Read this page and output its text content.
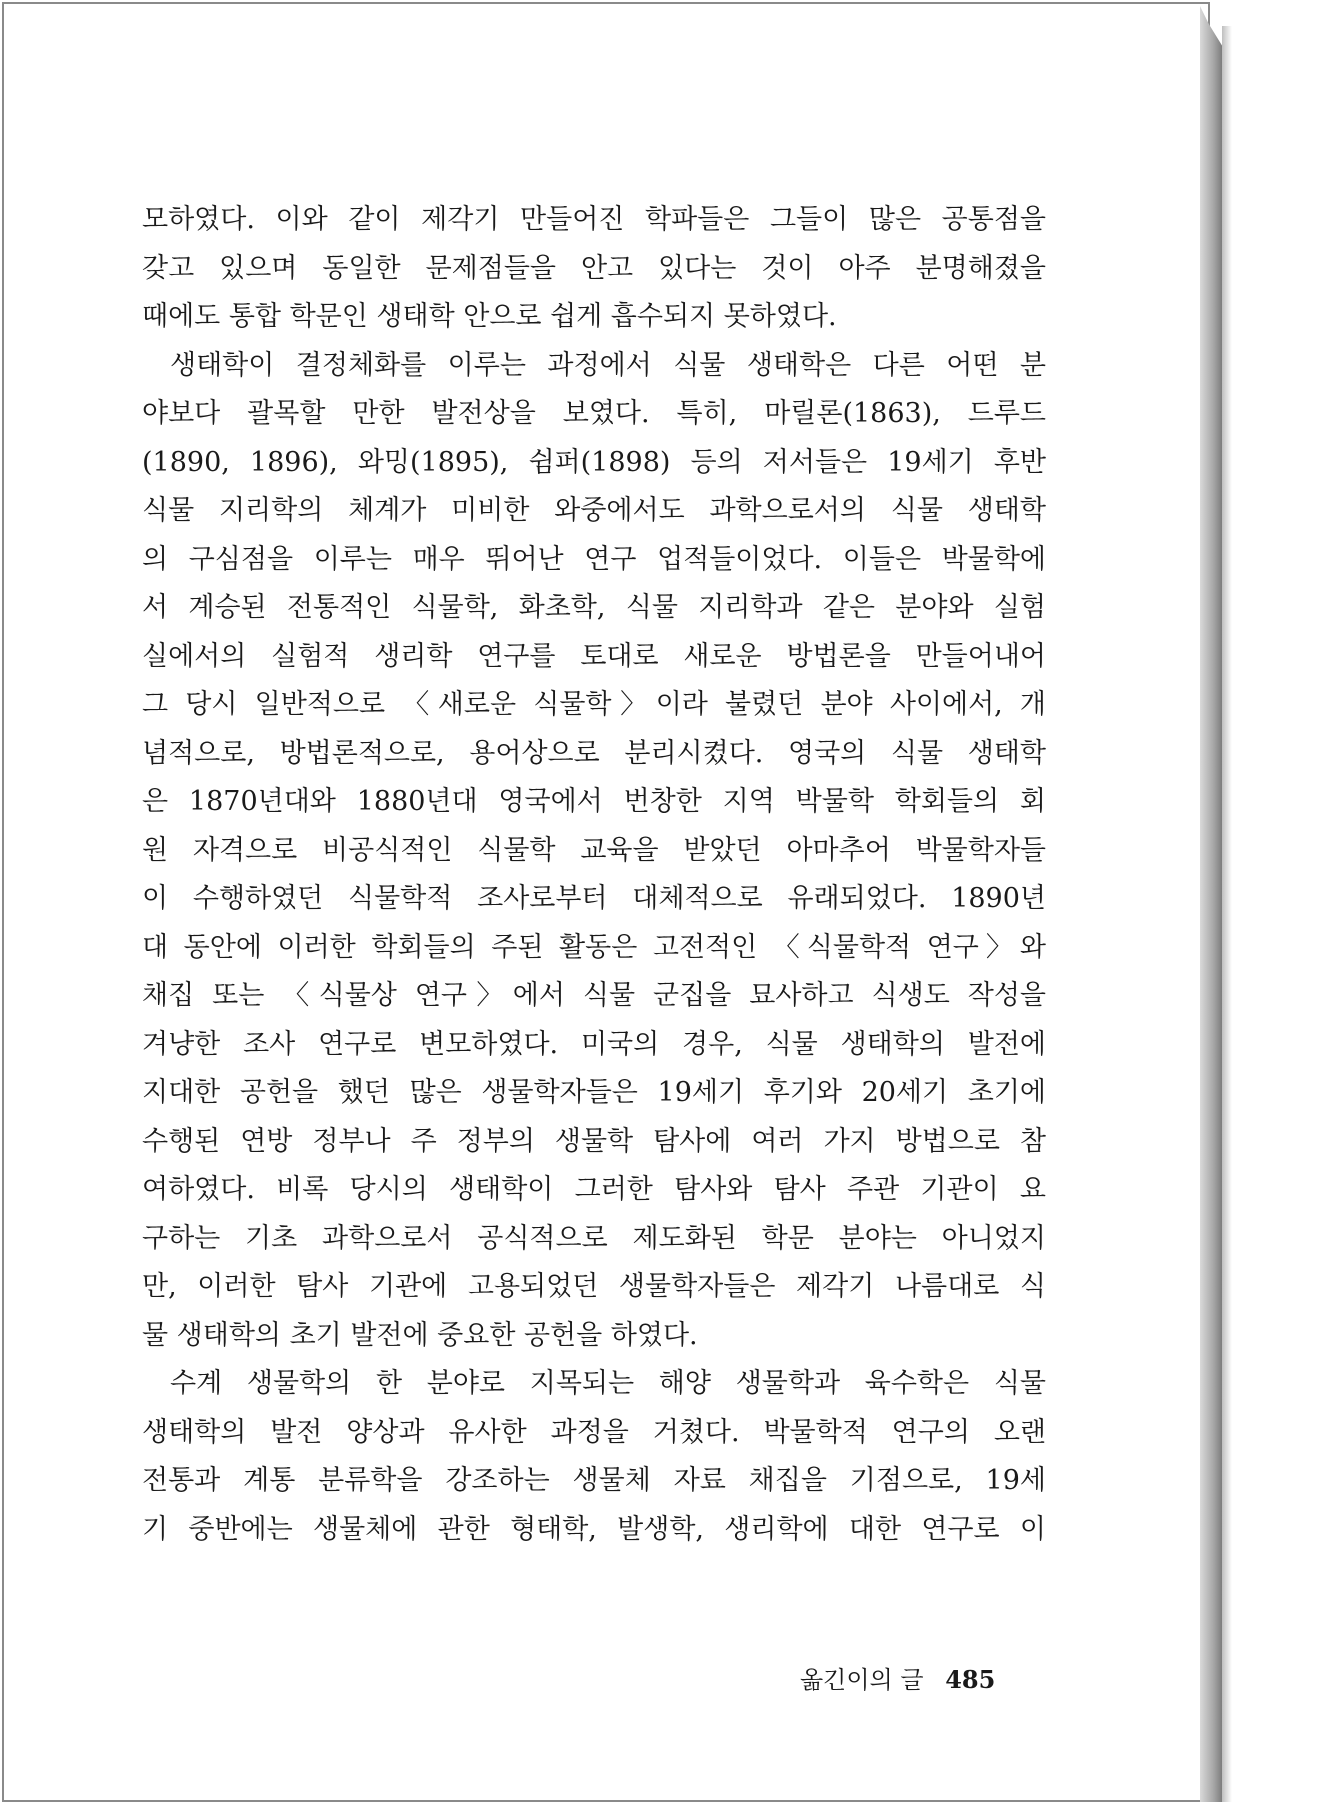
모하였다. 이와 같이 제각기 만들어진 학파들은 그들이 많은 공통점을
갖고 있으며 동일한 문제점들을 안고 있다는 것이 아주 분명해졌을
때에도 통합 학문인 생태학 안으로 쉽게 흡수되지 못하였다.
생태학이 결정체화를 이루는 과정에서 식물 생태학은 다른 어떤 분
야보다 괄목할 만한 발전상을 보였다. 특히, 마릴론(1863), 드루드
(1890, 1896), 와밍(1895), 쉼퍼(1898) 등의 저서들은 19세기 후반
식물 지리학의 체계가 미비한 와중에서도 과학으로서의 식물 생태학
의 구심점을 이루는 매우 뛰어난 연구 업적들이었다. 이들은 박물학에
서 계승된 전통적인 식물학, 화초학, 식물 지리학과 같은 분야와 실험
실에서의 실험적 생리학 연구를 토대로 새로운 방법론을 만들어내어
그 당시 일반적으로 〈새로운 식물학〉이라 불렸던 분야 사이에서, 개
념적으로, 방법론적으로, 용어상으로 분리시켰다. 영국의 식물 생태학
은 1870년대와 1880년대 영국에서 번창한 지역 박물학 학회들의 회
원 자격으로 비공식적인 식물학 교육을 받았던 아마추어 박물학자들
이 수행하였던 식물학적 조사로부터 대체적으로 유래되었다. 1890년
대 동안에 이러한 학회들의 주된 활동은 고전적인 〈식물학적 연구〉와
채집 또는 〈식물상 연구〉에서 식물 군집을 묘사하고 식생도 작성을
겨냥한 조사 연구로 변모하였다. 미국의 경우, 식물 생태학의 발전에
지대한 공헌을 했던 많은 생물학자들은 19세기 후기와 20세기 초기에
수행된 연방 정부나 주 정부의 생물학 탐사에 여러 가지 방법으로 참
여하였다. 비록 당시의 생태학이 그러한 탐사와 탐사 주관 기관이 요
구하는 기초 과학으로서 공식적으로 제도화된 학문 분야는 아니었지
만, 이러한 탐사 기관에 고용되었던 생물학자들은 제각기 나름대로 식
물 생태학의 초기 발전에 중요한 공헌을 하였다.
수계 생물학의 한 분야로 지목되는 해양 생물학과 육수학은 식물
생태학의 발전 양상과 유사한 과정을 거쳤다. 박물학적 연구의 오랜
전통과 계통 분류학을 강조하는 생물체 자료 채집을 기점으로, 19세
기 중반에는 생물체에 관한 형태학, 발생학, 생리학에 대한 연구로 이
옮긴이의 글 485
